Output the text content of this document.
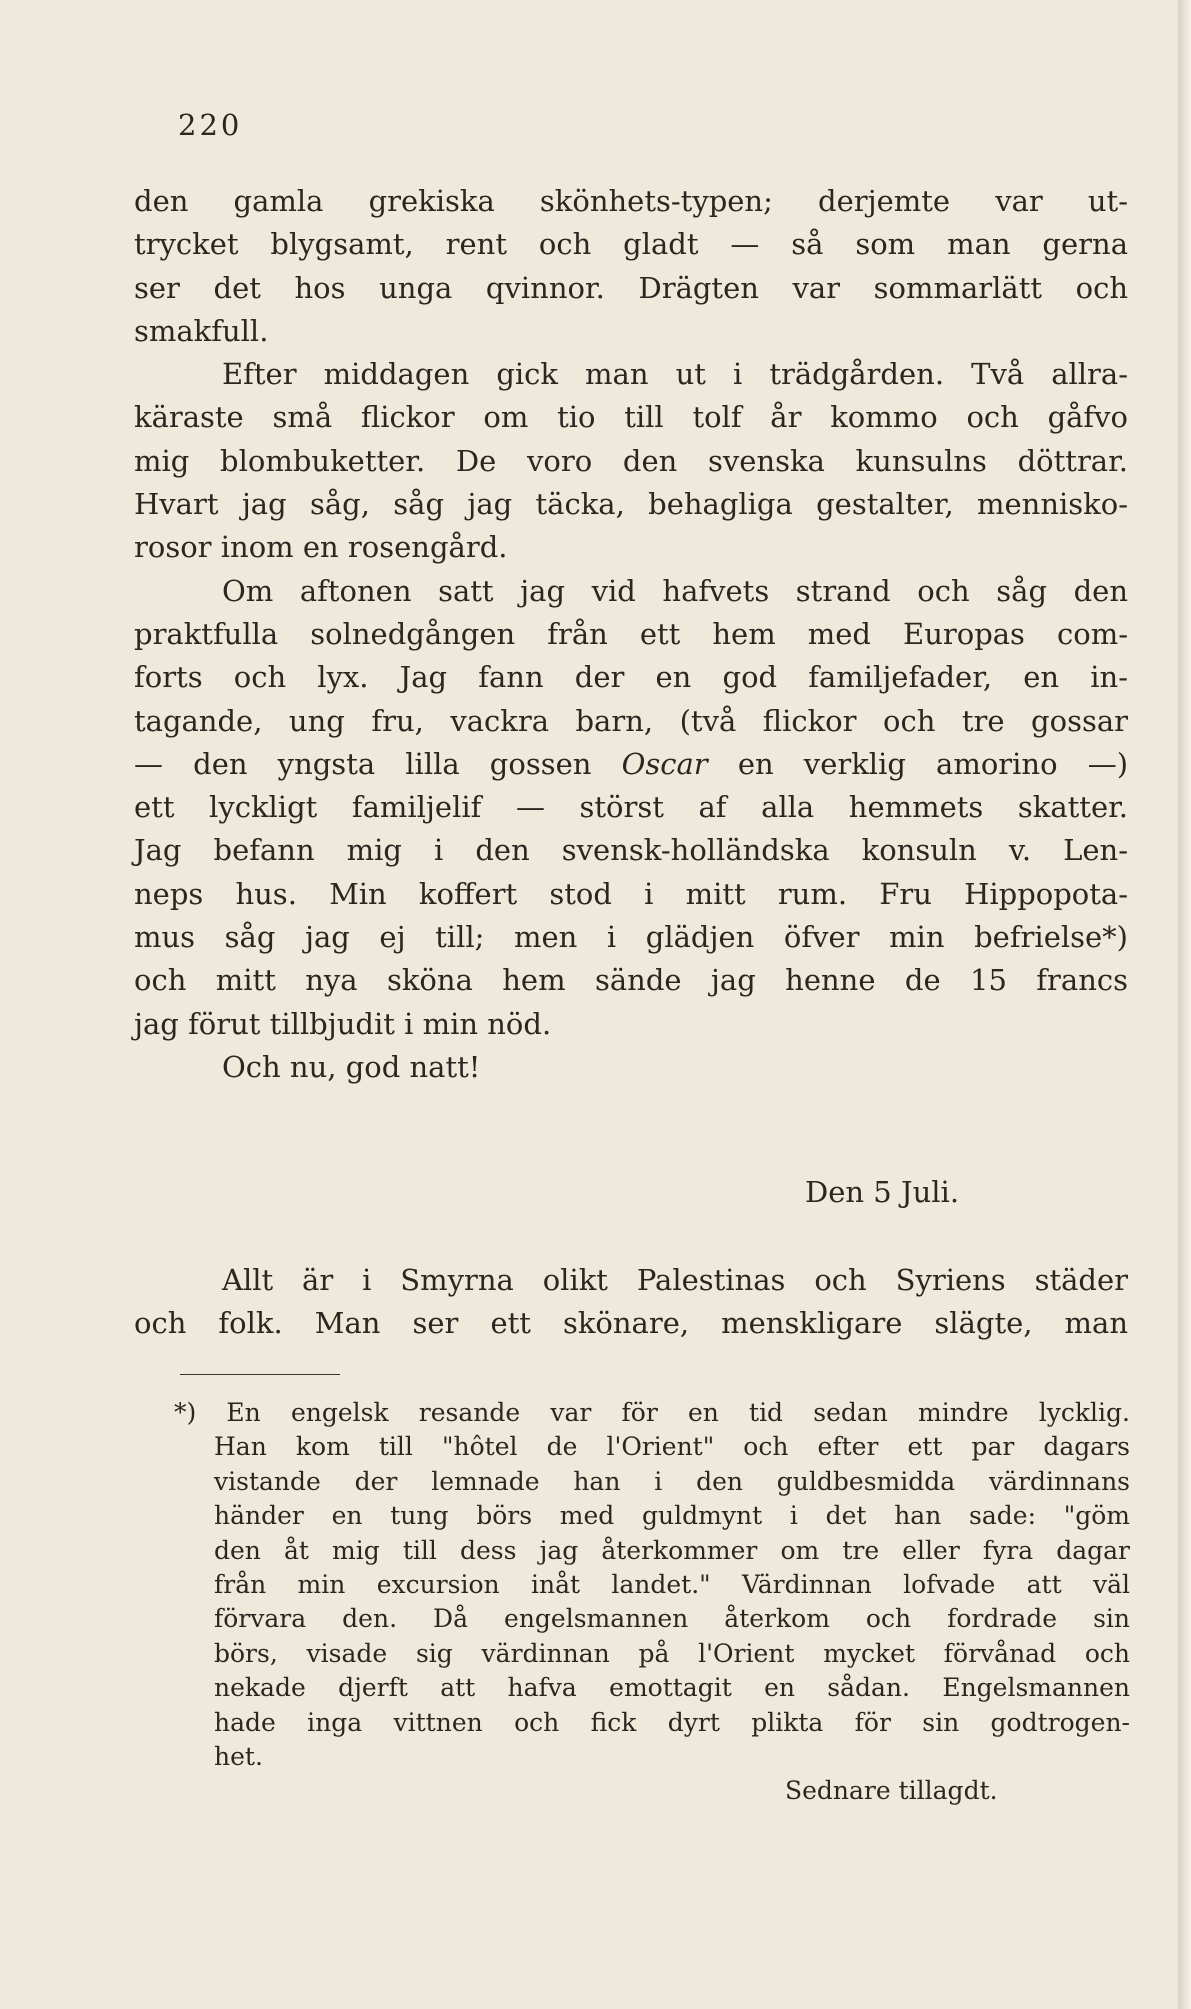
220
den gamla grekiska skönhets-typen; derjemte var ut-
trycket blygsamt, rent och gladt — så som man gerna
ser det hos unga qvinnor. Drägten var sommarlätt och
smakfull.
Efter middagen gick man ut i trädgården. Två allra-
käraste små flickor om tio till tolf år kommo och gåfvo
mig blombuketter. De voro den svenska kunsulns döttrar.
Hvart jag såg, såg jag täcka, behagliga gestalter, mennisko-
rosor inom en rosengård.
Om aftonen satt jag vid hafvets strand och såg den
praktfulla solnedgången från ett hem med Europas com-
forts och lyx. Jag fann der en god familjefader, en in-
tagande, ung fru, vackra barn, (två flickor och tre gossar
— den yngsta lilla gossen Oscar en verklig amorino —)
ett lyckligt familjelif — störst af alla hemmets skatter.
Jag befann mig i den svensk-holländska konsuln v. Len-
neps hus. Min koffert stod i mitt rum. Fru Hippopota-
mus såg jag ej till; men i glädjen öfver min befrielse*)
och mitt nya sköna hem sände jag henne de 15 francs
jag förut tillbjudit i min nöd.
Och nu, god natt!
Den 5 Juli.
Allt är i Smyrna olikt Palestinas och Syriens städer
och folk. Man ser ett skönare, menskligare slägte, man
*) En engelsk resande var för en tid sedan mindre lycklig.
Han kom till "hôtel de l'Orient" och efter ett par dagars
vistande der lemnade han i den guldbesmidda värdinnans
händer en tung börs med guldmynt i det han sade: "göm
den åt mig till dess jag återkommer om tre eller fyra dagar
från min excursion inåt landet." Värdinnan lofvade att väl
förvara den. Då engelsmannen återkom och fordrade sin
börs, visade sig värdinnan på l'Orient mycket förvånad och
nekade djerft att hafva emottagit en sådan. Engelsmannen
hade inga vittnen och fick dyrt plikta för sin godtrogen-
het.
Sednare tillagdt.
